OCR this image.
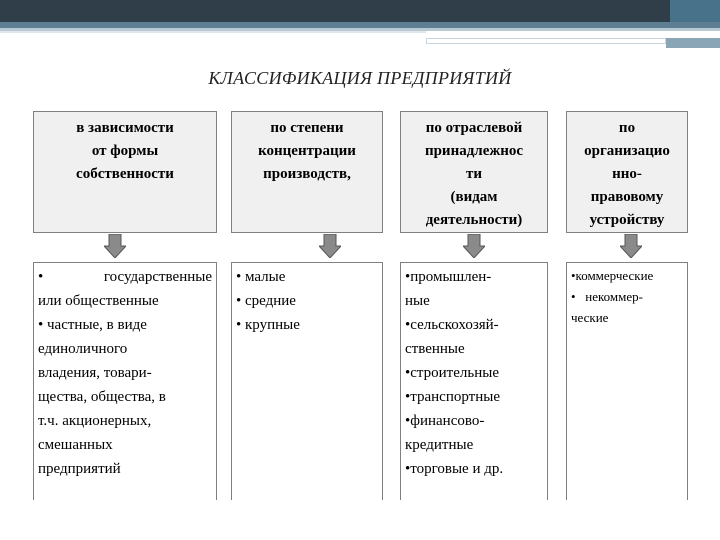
КЛАССИФИКАЦИЯ ПРЕДПРИЯТИЙ
в зависимости
от формы
собственности
• государственные
или общественные
• частные, в виде
единоличного
владения, товари-
щества, общества, в
т.ч. акционерных,
смешанных
предприятий
по степени
концентрации
производств,
• малые
• средние
• крупные
по отраслевой
принадлежнос
ти
(видам
деятельности)
•промышлен-
ные
•сельскохозяй-
ственные
•строительные
•транспортные
•финансово-
кредитные
•торговые и др.
по
организацио
нно-
правовому
устройству
•коммерческие
•   некоммер-
ческие
